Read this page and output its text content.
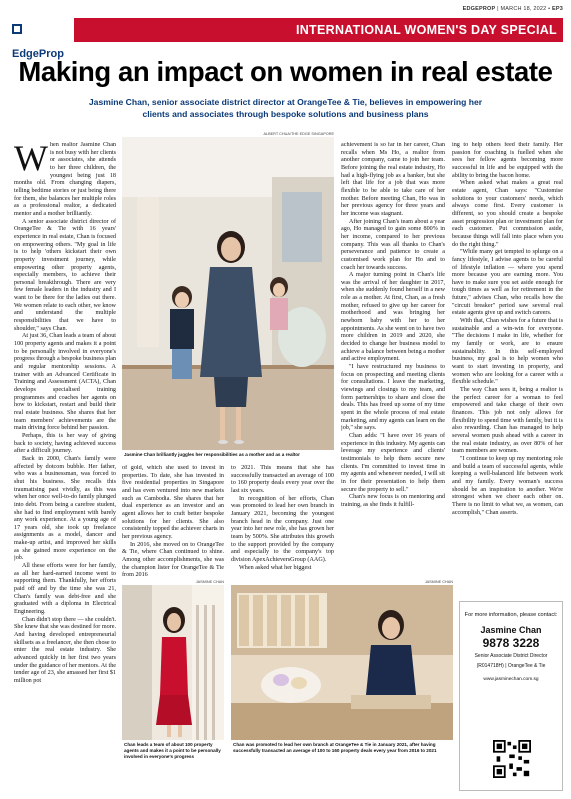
EDGEPROP | MARCH 18, 2022 • EP3
EdgeProp
INTERNATIONAL WOMEN'S DAY SPECIAL
Making an impact on women in real estate
Jasmine Chan, senior associate district director at OrangeTee & Tie, believes in empowering her clients and associates through bespoke solutions and business plans

When realtor Jasmine Chan is not busy with her clients or associates, she attends to her three children, the youngest being just 18 months old. From changing diapers, telling bedtime stories or just being there for them, she balances her multiple roles as a professional realtor, a dedicated mentor and a mother brilliantly.

A senior associate district director of OrangeTee & Tie with 16 years' experience in real estate, Chan is focused on empowering others. "My goal in life is to help 'others kickstart their own property investment journey, while empowering other property agents, especially members, to achieve their personal breakthrough. There are very few female leaders in the industry and I want to be there for the ladies out there. We women relate to each other, we know and understand the multiple responsibilities that we have to shoulder," says Chan.

At just 36, Chan leads a team of about 100 property agents and makes it a point to be personally involved in everyone's progress through a bespoke business plan and regular mentorship sessions. A trainer with an Advanced Certificate in Training and Assessment (ACTA), Chan develops specialised training programmes and coaches her agents on how to kickstart, restart and build their real estate business. She shares that her team members' achievements are the main driving force behind her passion.

Perhaps, this is her way of giving back to society, having achieved success after a difficult journey.

Back in 2000, Chan's family were affected by dotcom bubble. Her father, who was a businessman, was forced to shut his business. She recalls this traumatising past vividly, as this was when her once well-to-do family plunged into debt. From being a carefree student, she had to find employment with barely any work experience. At a young age of 17 years old, she took up freelance assignments as a model, dancer and make-up artist, and improved her skills as she gained more experience on the job.

All these efforts were for her family, as all her hard-earned income went to supporting them. Thankfully, her efforts paid off and by the time she was 21, Chan's family was debt-free and she graduated with a diploma in Electrical Engineering.

Chan didn't stop there — she couldn't. She knew that she was destined for more. And having developed entrepreneurial skillsets as a freelancer, she then chose to enter the real estate industry. She advanced quickly in her first two years under the guidance of her mentors. At the tender age of 23, she amassed her first $1 million pot

ALBERT CHUA/THE EDGE SINGAPORE
Jasmine Chan brilliantly juggles her responsibilities as a mother and as a realtor

of gold, which she used to invest in properties. To date, she has invested in five residential properties in Singapore and has even ventured into new markets such as Cambodia. She shares that her dual experience as an investor and an agent allows her to craft better bespoke solutions for her clients. She also consistently topped the achiever charts in her previous agency.

In 2016, she moved on to OrangeTee & Tie, where Chan continued to shine. Among other accomplishments, she was the champion lister for OrangeTee & Tie from 2016

to 2021. This means that she has successfully transacted an average of 100 to 160 property deals every year over the last six years.

In recognition of her efforts, Chan was promoted to lead her own branch in January 2021, becoming the youngest branch head in the company. Just one year into her new role, she has grown her team by 500%. She attributes this growth to the support provided by the company and especially to the company's top division ApexAchieversGroup (AAG).

When asked what her biggest

achievement is so far in her career, Chan recalls when Ms Ho, a realtor from another company, came to join her team. Before joining the real estate industry, Ho had a high-flying job as a banker, but she left that life for a job that was more flexible to be able to take care of her mother. Before meeting Chan, Ho was in her previous agency for three years and her income was stagnant.

After joining Chan's team about a year ago, Ho managed to gain some 800% in her income, compared to her previous company. This was all thanks to Chan's perseverance and patience to create a customised work plan for Ho and to coach her towards success.

A major turning point in Chan's life was the arrival of her daughter in 2017, when she suddenly found herself in a new role as a mother. At first, Chan, as a fresh mother, refused to give up her career for motherhood and was bringing her newborn baby with her to her appointments. As she went on to have two more children in 2019 and 2020, she decided to change her business model to achieve a balance between being a mother and active employment.

"I have restructured my business to focus on prospecting and meeting clients for consultations. I leave the marketing, viewings and closings to my team, and form partnerships to share and close the deals. This has freed up some of my time spent in the whole process of real estate marketing, and my agents can learn on the job," she says.

Chan adds: "I have over 16 years of experience in this industry. My agents can leverage my experience and clients' testimonials to help them secure new clients. I'm committed to invest time in my agents and whenever needed, I will sit in for their presentation to help them secure the property to sell."

Chan's new focus is on mentoring and training, as she finds it fulfill-

ing to help others feed their family. Her passion for coaching is fuelled when she sees her fellow agents becoming more successful in life and be equipped with the ability to bring the bacon home.

When asked what makes a great real estate agent, Chan says: "Customise solutions to your customers' needs, which always come first. Every customer is different, so you should create a bespoke asset progression plan or investment plan for each customer. Put commission aside, because things will fall into place when you do the right thing."

"While many get tempted to splurge on a fancy lifestyle, I advise agents to be careful of lifestyle inflation — where you spend more because you are earning more. You have to make sure you set aside enough for tough times as well as for retirement in the future," advises Chan, who recalls how the "circuit breaker" period saw several real estate agents give up and switch careers.

With that, Chan wishes for a future that is sustainable and a win-win for everyone. "The decisions I make in life, whether for my family or work, are to ensure sustainability. In this self-employed business, my goal is to help women who want to start investing in property, and women who are looking for a career with a flexible schedule."

The way Chan sees it, being a realtor is the perfect career for a woman to feel empowered and take charge of their own finances. This job not only allows for flexibility to spend time with family, but it is also rewarding. Chan has managed to help several women push ahead with a career in the real estate industry, as over 80% of her team members are women.

"I continue to keep up my mentoring role and build a team of successful agents, while keeping a well-balanced life between work and my family. Every woman's success should be an inspiration to another. We're strongest when we cheer each other on. There is no limit to what we, as women, can accomplish," Chan asserts.

JASMINE CHAN
Chan leads a team of about 100 property agents and makes it a point to be personally involved in everyone's progress
JASMINE CHAN
Chan was promoted to lead her own branch at OrangeTee & Tie in January 2021, after having successfully transacted an average of 100 to 160 property deals every year from 2016 to 2021
For more information, please contact:
Jasmine Chan
9878 3228
Senior Associate District Director
(R014718H) | OrangeTee & Tie
www.jasminechan.com.sg
